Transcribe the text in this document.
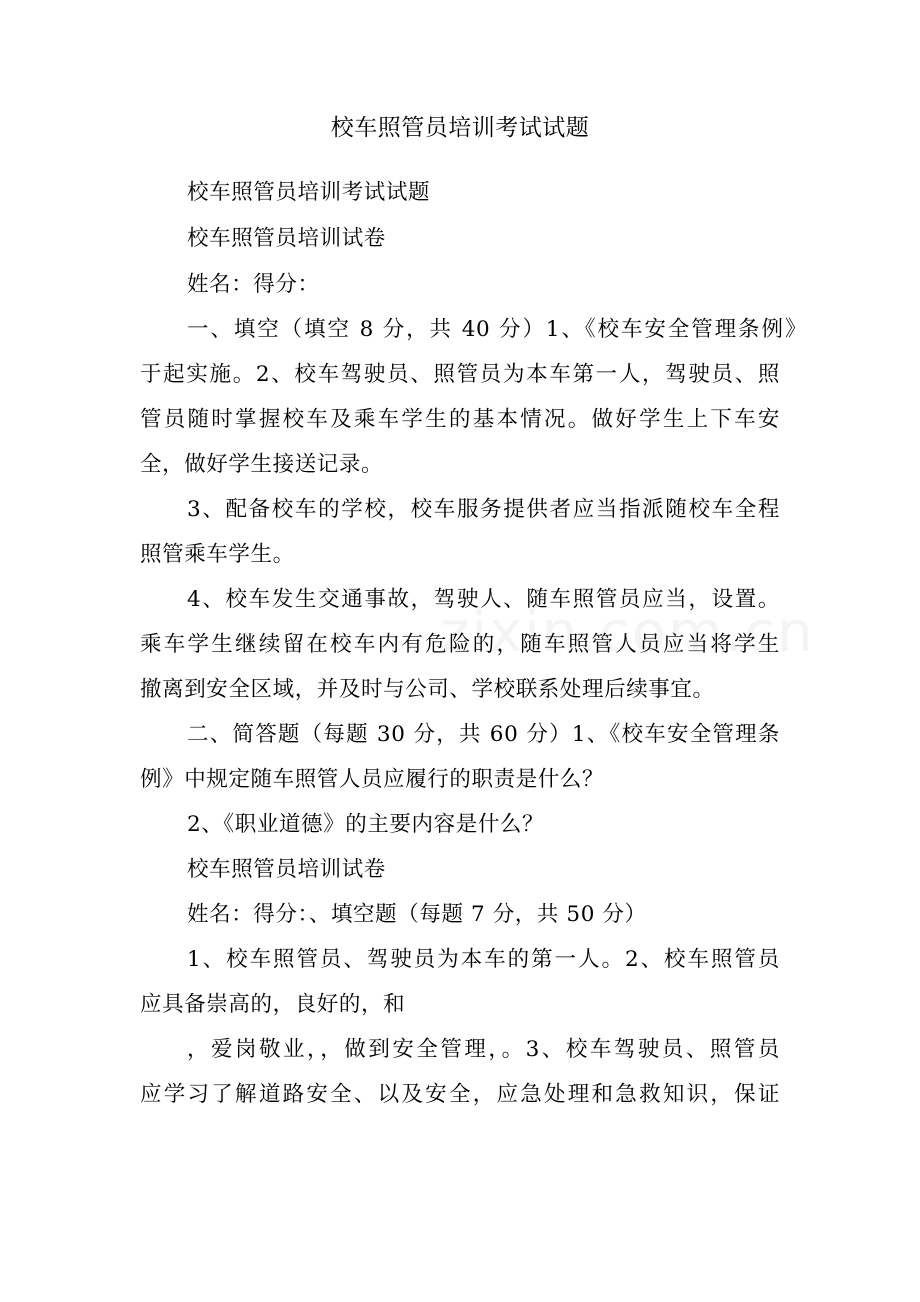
校车照管员培训考试试题
校车照管员培训考试试题
校车照管员培训试卷
姓名：得分：
一、填空（填空 8 分，共 40 分）1、《校车安全管理条例》
于起实施。2、校车驾驶员、照管员为本车第一人，驾驶员、照
管员随时掌握校车及乘车学生的基本情况。做好学生上下车安
全，做好学生接送记录。
3、配备校车的学校，校车服务提供者应当指派随校车全程
照管乘车学生。
4、校车发生交通事故，驾驶人、随车照管员应当，设置。
乘车学生继续留在校车内有危险的，随车照管人员应当将学生
撤离到安全区域，并及时与公司、学校联系处理后续事宜。
二、简答题（每题 30 分，共 60 分）1、《校车安全管理条
例》中规定随车照管人员应履行的职责是什么？
2、《职业道德》的主要内容是什么？
校车照管员培训试卷
姓名：得分：、填空题（每题 7 分，共 50 分）
1、校车照管员、驾驶员为本车的第一人。2、校车照管员
应具备崇高的，良好的，和
，爱岗敬业，，做到安全管理，。3、校车驾驶员、照管员
应学习了解道路安全、以及安全，应急处理和急救知识，保证
